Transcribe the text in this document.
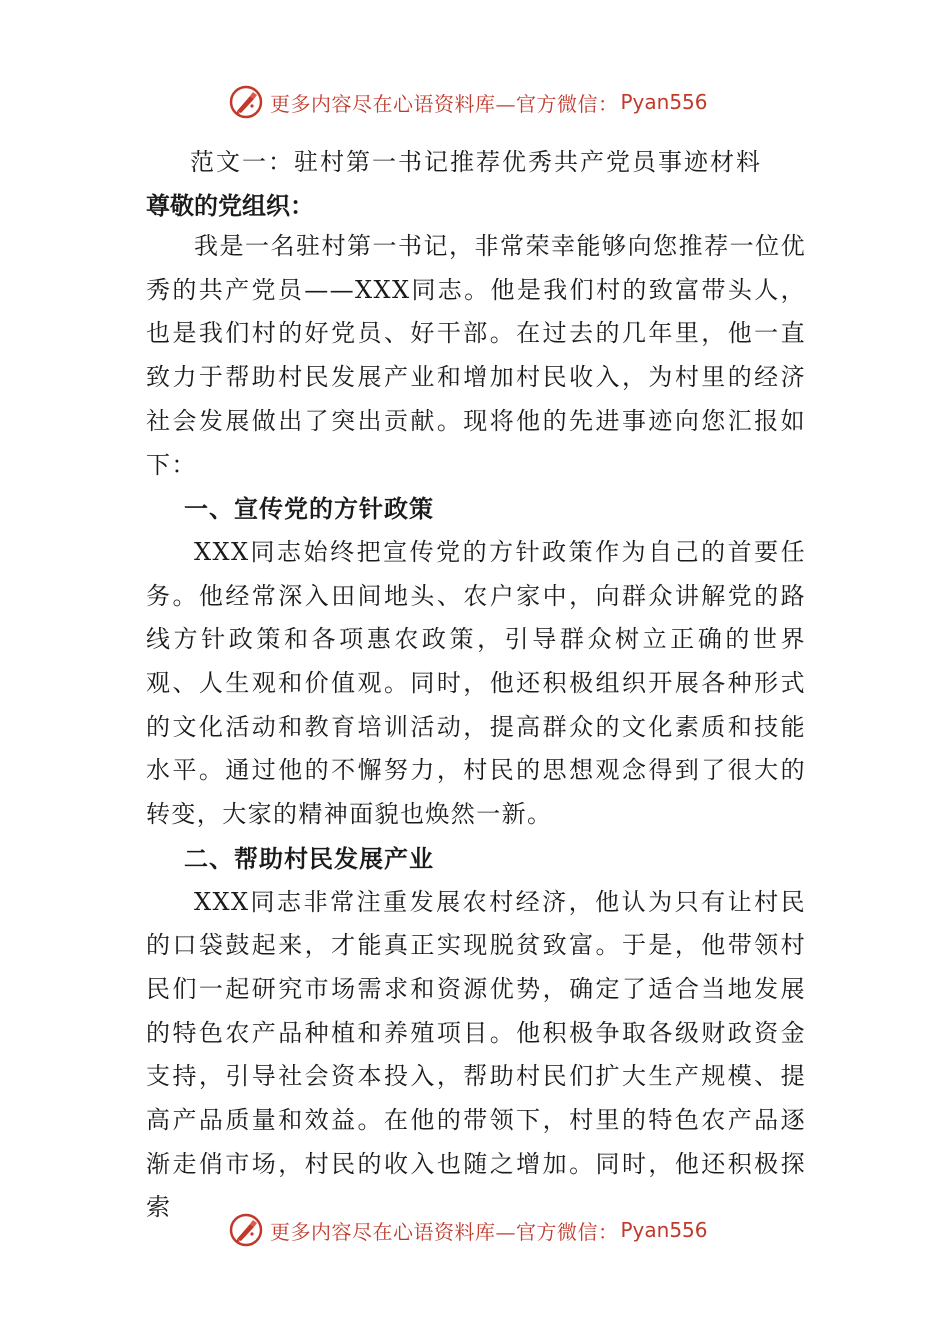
更多内容尽在心语资料库—官方微信： Pyan556
范文一：驻村第一书记推荐优秀共产党员事迹材料
尊敬的党组织：

我是一名驻村第一书记，非常荣幸能够向您推荐一位优秀的共产党员——XXX同志。他是我们村的致富带头人，也是我们村的好党员、好干部。在过去的几年里，他一直致力于帮助村民发展产业和增加村民收入，为村里的经济社会发展做出了突出贡献。现将他的先进事迹向您汇报如下：

一、宣传党的方针政策

XXX同志始终把宣传党的方针政策作为自己的首要任务。他经常深入田间地头、农户家中，向群众讲解党的路线方针政策和各项惠农政策，引导群众树立正确的世界观、人生观和价值观。同时，他还积极组织开展各种形式的文化活动和教育培训活动，提高群众的文化素质和技能水平。通过他的不懈努力，村民的思想观念得到了很大的转变，大家的精神面貌也焕然一新。

二、帮助村民发展产业

XXX同志非常注重发展农村经济，他认为只有让村民的口袋鼓起来，才能真正实现脱贫致富。于是，他带领村民们一起研究市场需求和资源优势，确定了适合当地发展的特色农产品种植和养殖项目。他积极争取各级财政资金支持，引导社会资本投入，帮助村民们扩大生产规模、提高产品质量和效益。在他的带领下，村里的特色农产品逐渐走俏市场，村民的收入也随之增加。同时，他还积极探索

更多内容尽在心语资料库—官方微信： Pyan556
